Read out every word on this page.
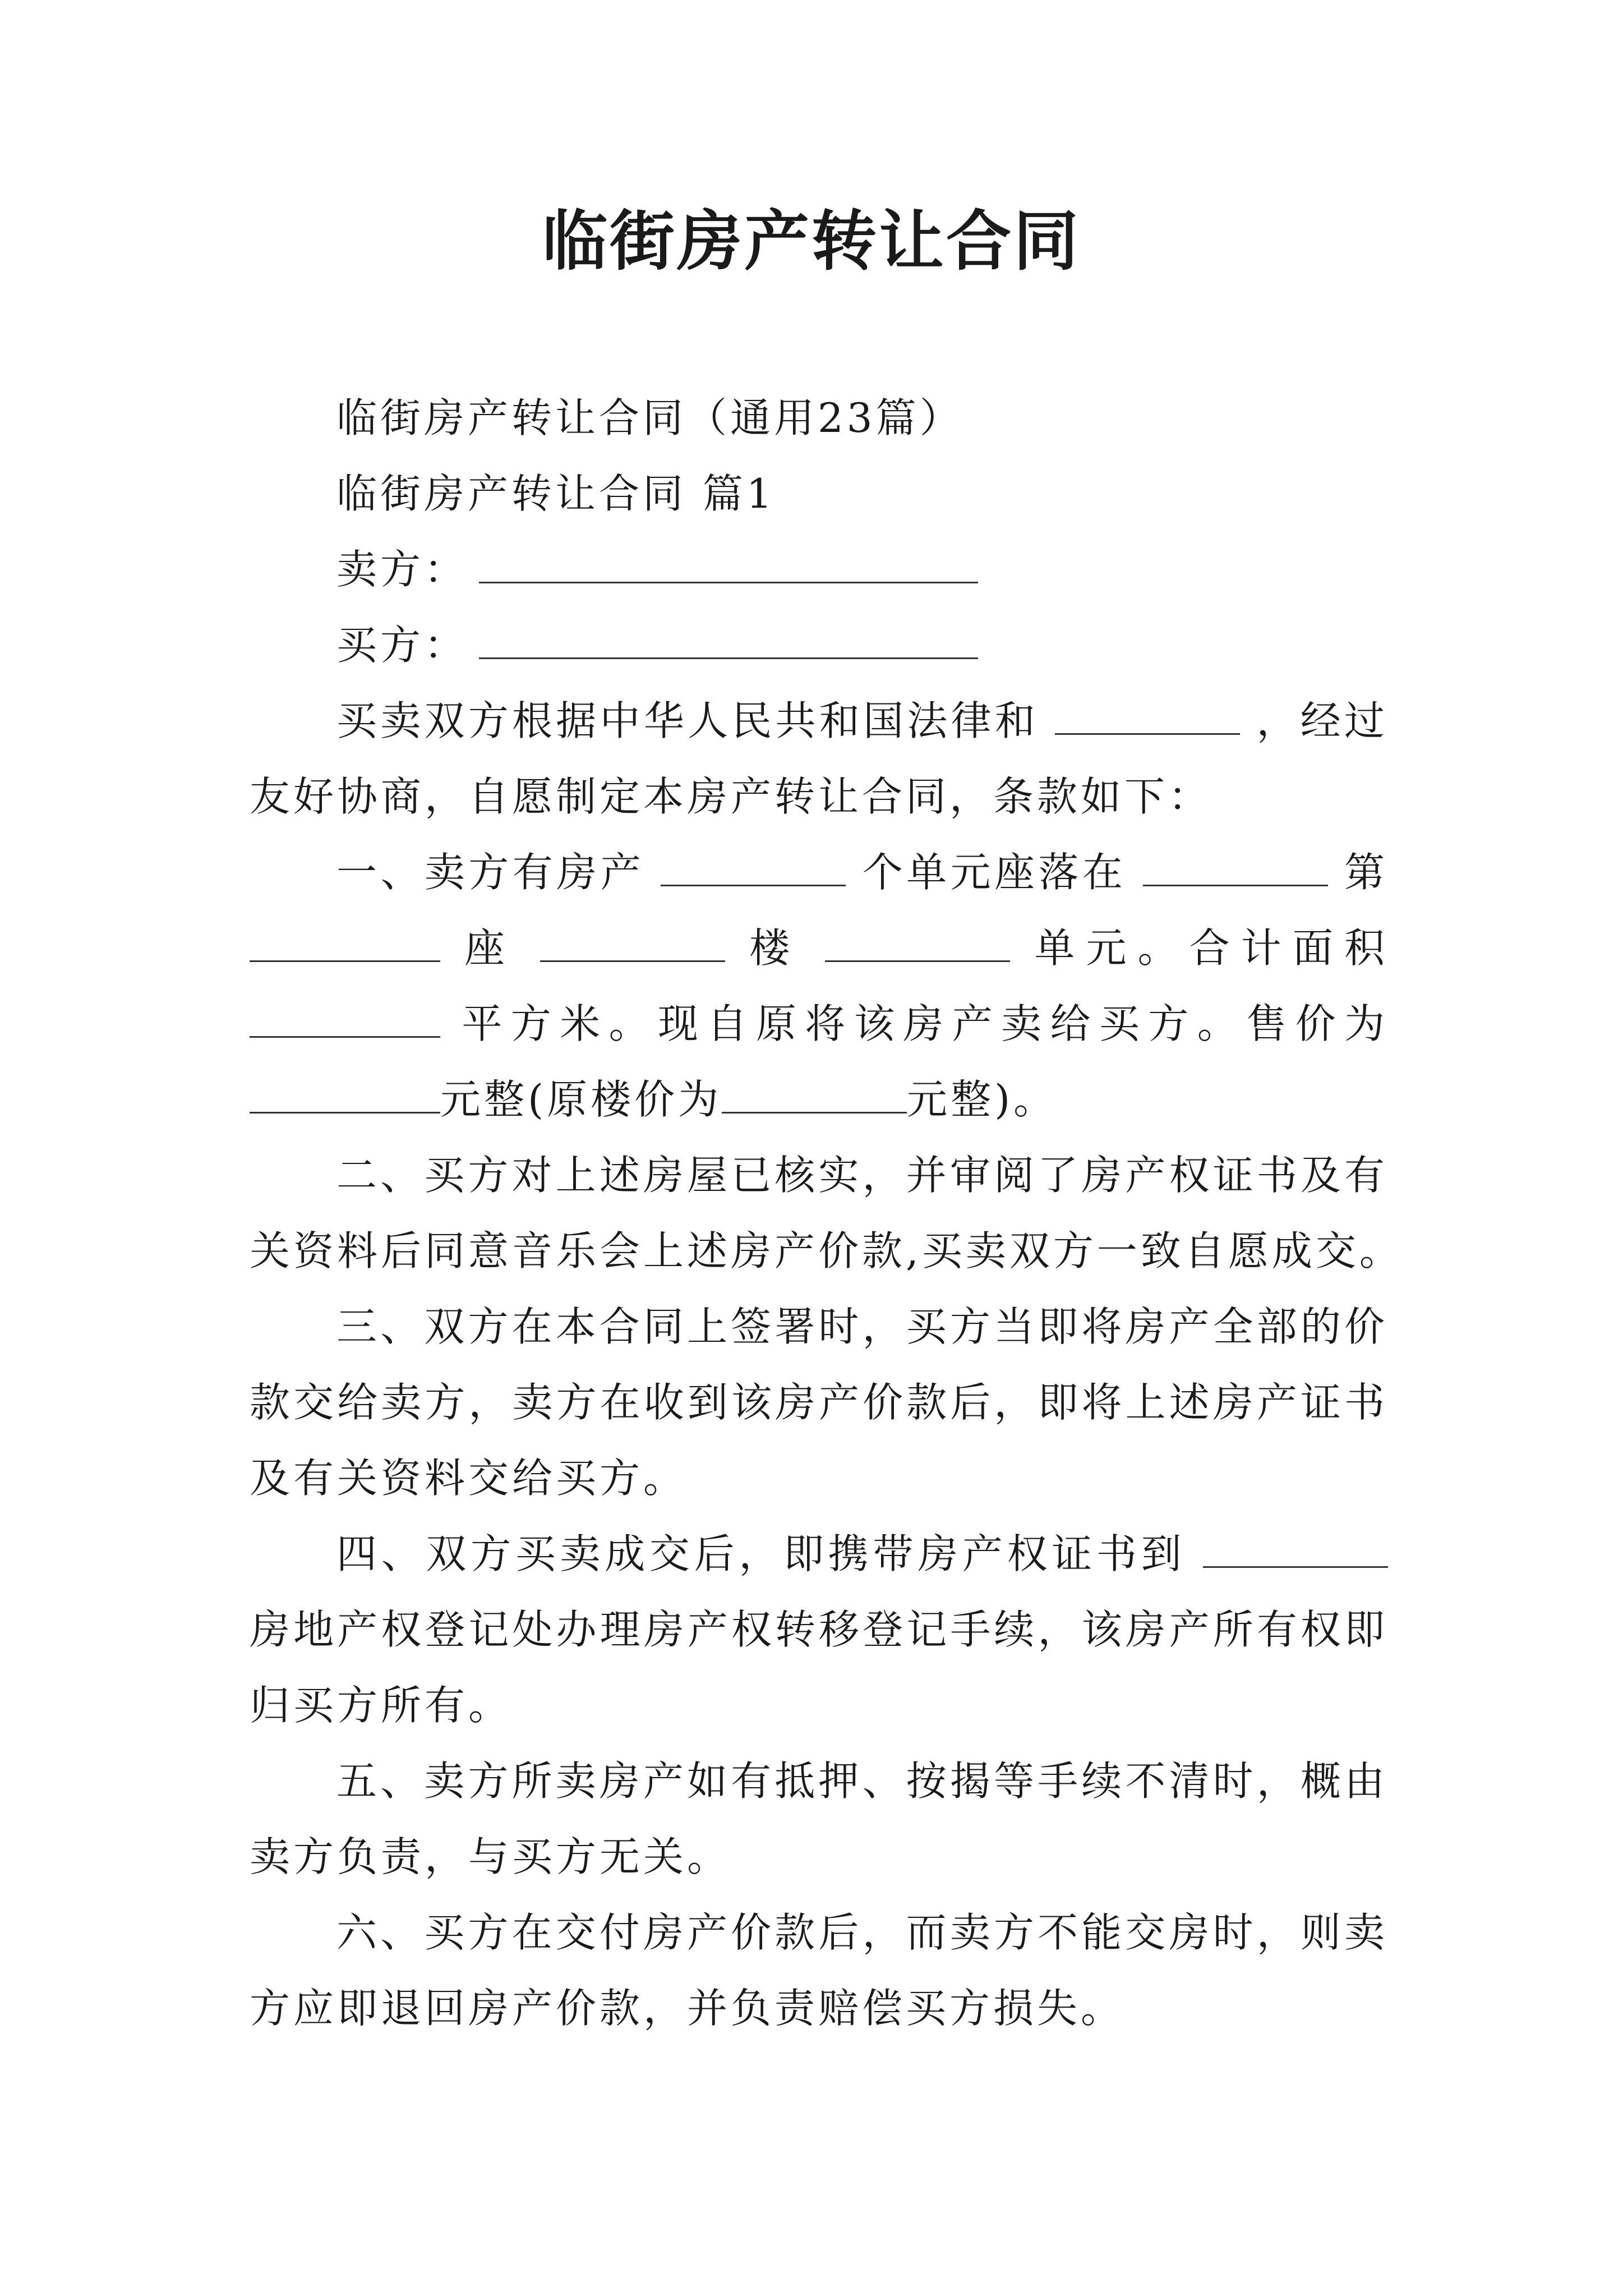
临街房产转让合同
临街房产转让合同（通用23篇）
临街房产转让合同 篇1
卖方：
买方：
买卖双方根据中华人民共和国法律和	，经过
友好协商，自愿制定本房产转让合同，条款如下：
一、卖方有房产	个单元座落在	第
座	楼	单元。合计面积
平方米。现自原将该房产卖给买方。售价为
元整(原楼价为	元整)。
二、买方对上述房屋已核实，并审阅了房产权证书及有
关资料后同意音乐会上述房产价款,买卖双方一致自愿成交。
三、双方在本合同上签署时，买方当即将房产全部的价
款交给卖方，卖方在收到该房产价款后，即将上述房产证书
及有关资料交给买方。
四、双方买卖成交后，即携带房产权证书到
房地产权登记处办理房产权转移登记手续，该房产所有权即
归买方所有。
五、卖方所卖房产如有抵押、按揭等手续不清时，概由
卖方负责，与买方无关。
六、买方在交付房产价款后，而卖方不能交房时，则卖
方应即退回房产价款，并负责赔偿买方损失。
